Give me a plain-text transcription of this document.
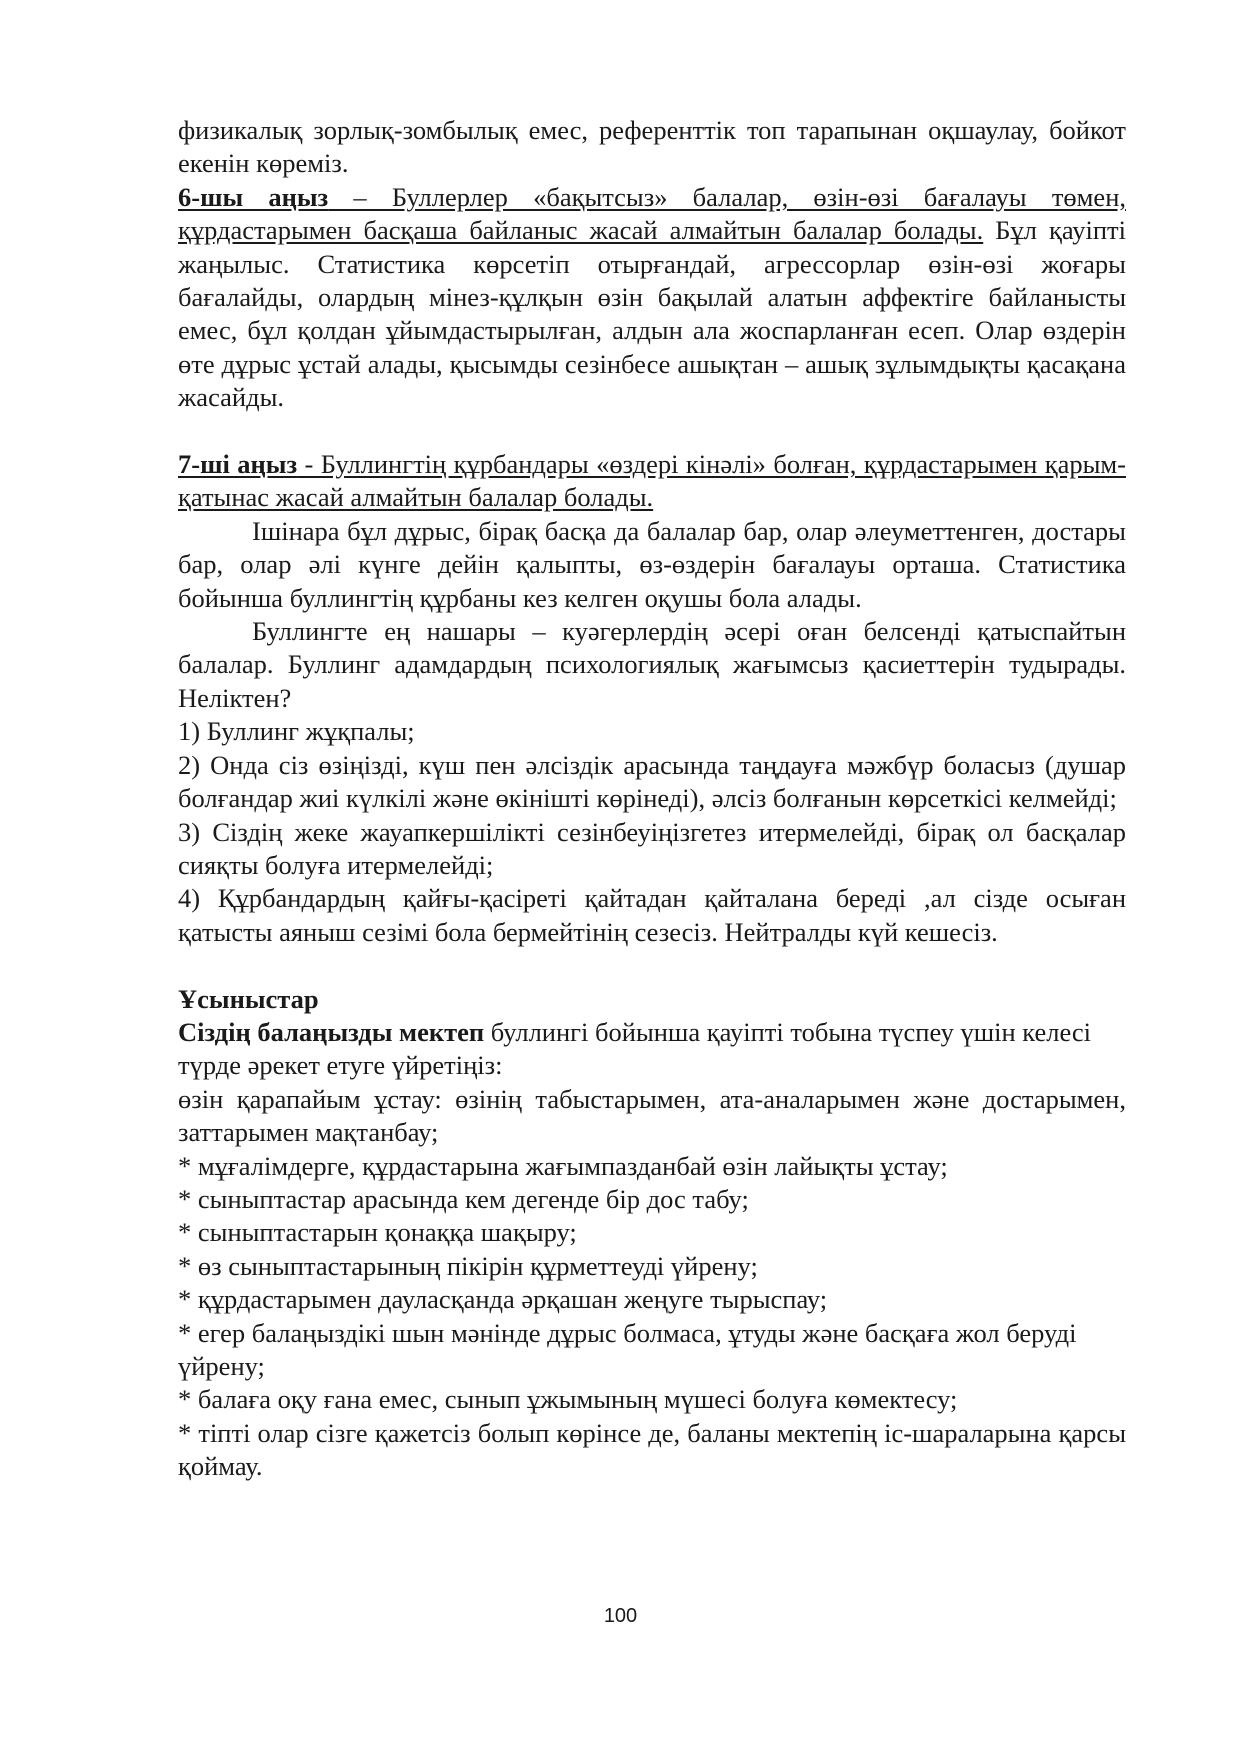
физикалық зорлық-зомбылық емес, референттік топ тарапынан оқшаулау, бойкот екенін көреміз.

6-шы аңыз – Буллерлер «бақытсыз» балалар, өзін-өзі бағалауы төмен, құрдастарымен басқаша байланыс жасай алмайтын балалар болады. Бұл қауіпті жаңылыс. Статистика көрсетіп отырғандай, агрессорлар өзін-өзі жоғары бағалайды, олардың мінез-құлқын өзін бақылай алатын аффектіге байланысты емес, бұл қолдан ұйымдастырылған, алдын ала жоспарланған есеп. Олар өздерін өте дұрыс ұстай алады, қысымды сезінбесе ашықтан – ашық зұлымдықты қасақана жасайды.

7-ші аңыз - Буллингтің құрбандары «өздері кінәлі» болған, құрдастарымен қарым- қатынас жасай алмайтын балалар болады.

Ішінара бұл дұрыс, бірақ басқа да балалар бар, олар әлеуметтенген, достары бар, олар әлі күнге дейін қалыпты, өз-өздерін бағалауы орташа. Статистика бойынша буллингтің құрбаны кез келген оқушы бола алады.

Буллингте ең нашары – куәгерлердің әсері оған белсенді қатыспайтын балалар. Буллинг адамдардың психологиялық жағымсыз қасиеттерін тудырады. Неліктен?

1) Буллинг жұқпалы;

2) Онда сіз өзіңізді, күш пен әлсіздік арасында таңдауға мәжбүр боласыз (душар болғандар жиі күлкілі және өкінішті көрінеді), әлсіз болғанын көрсеткісі келмейді;

3) Сіздің жеке жауапкершілікті сезінбеуіңізгетез итермелейді, бірақ ол басқалар сияқты болуға итермелейді;

4) Құрбандардың қайғы-қасіреті қайтадан қайталана береді ,ал сізде осыған қатысты аяныш сезімі бола бермейтінің сезесіз. Нейтралды күй кешесіз.

Ұсыныстар

Сіздің балаңызды мектеп буллингі бойынша қауіпті тобына түспеу үшін келесі түрде әрекет етуге үйретіңіз:

өзін қарапайым ұстау: өзінің табыстарымен, ата-аналарымен және достарымен, заттарымен мақтанбау;

* мұғалімдерге, құрдастарына жағымпазданбай өзін лайықты ұстау;

* сыныптастар арасында кем дегенде бір дос табу;

* сыныптастарын қонаққа шақыру;

* өз сыныптастарының пікірін құрметтеуді үйрену;

* құрдастарымен дауласқанда әрқашан жеңуге тырыспау;

* егер балаңыздікі шын мәнінде дұрыс болмаса, ұтуды және басқаға жол беруді үйрену;

* балаға оқу ғана емес, сынып ұжымының мүшесі болуға көмектесу;

* тіпті олар сізге қажетсіз болып көрінсе де, баланы мектепің іс-шараларына қарсы қоймау.

100
